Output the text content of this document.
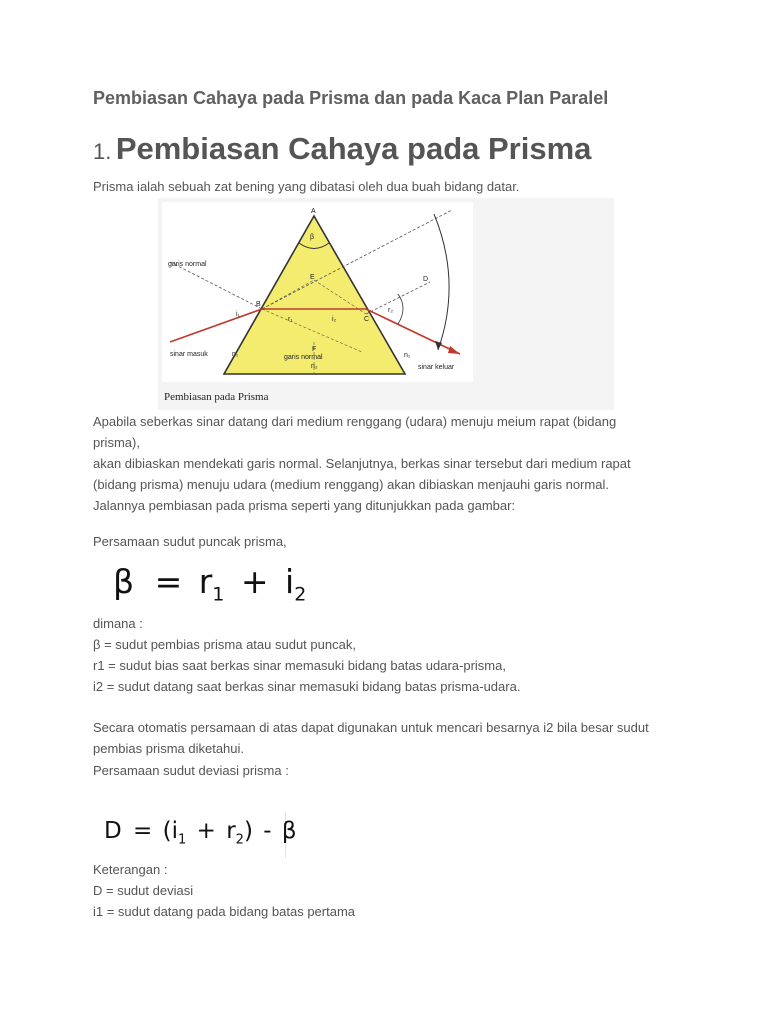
Pembiasan Cahaya pada Prisma dan pada Kaca Plan Paralel
1. Pembiasan Cahaya pada Prisma
Prisma ialah sebuah zat bening yang dibatasi oleh dua buah bidang datar.
A
β
E
B
C
D
F
garis normal
garis normal
sinar masuk
sinar keluar
i₁
r₁	i₂
r₂
n₂
n₁	n₁
Pembiasan pada Prisma
Apabila seberkas sinar datang dari medium renggang (udara) menuju meium rapat (bidang
prisma),
akan dibiaskan mendekati garis normal. Selanjutnya, berkas sinar tersebut dari medium rapat
(bidang prisma) menuju udara (medium renggang) akan dibiaskan menjauhi garis normal.
Jalannya pembiasan pada prisma seperti yang ditunjukkan pada gambar:
Persamaan sudut puncak prisma,
$\beta = r_1 + i_2$
dimana :
β = sudut pembias prisma atau sudut puncak,
r1 = sudut bias saat berkas sinar memasuki bidang batas udara-prisma,
i2 = sudut datang saat berkas sinar memasuki bidang batas prisma-udara.
Secara otomatis persamaan di atas dapat digunakan untuk mencari besarnya i2 bila besar sudut
pembias prisma diketahui.
Persamaan sudut deviasi prisma :
$D = (i_1 + r_2) - \beta$
Keterangan :
D = sudut deviasi
i1 = sudut datang pada bidang batas pertama
